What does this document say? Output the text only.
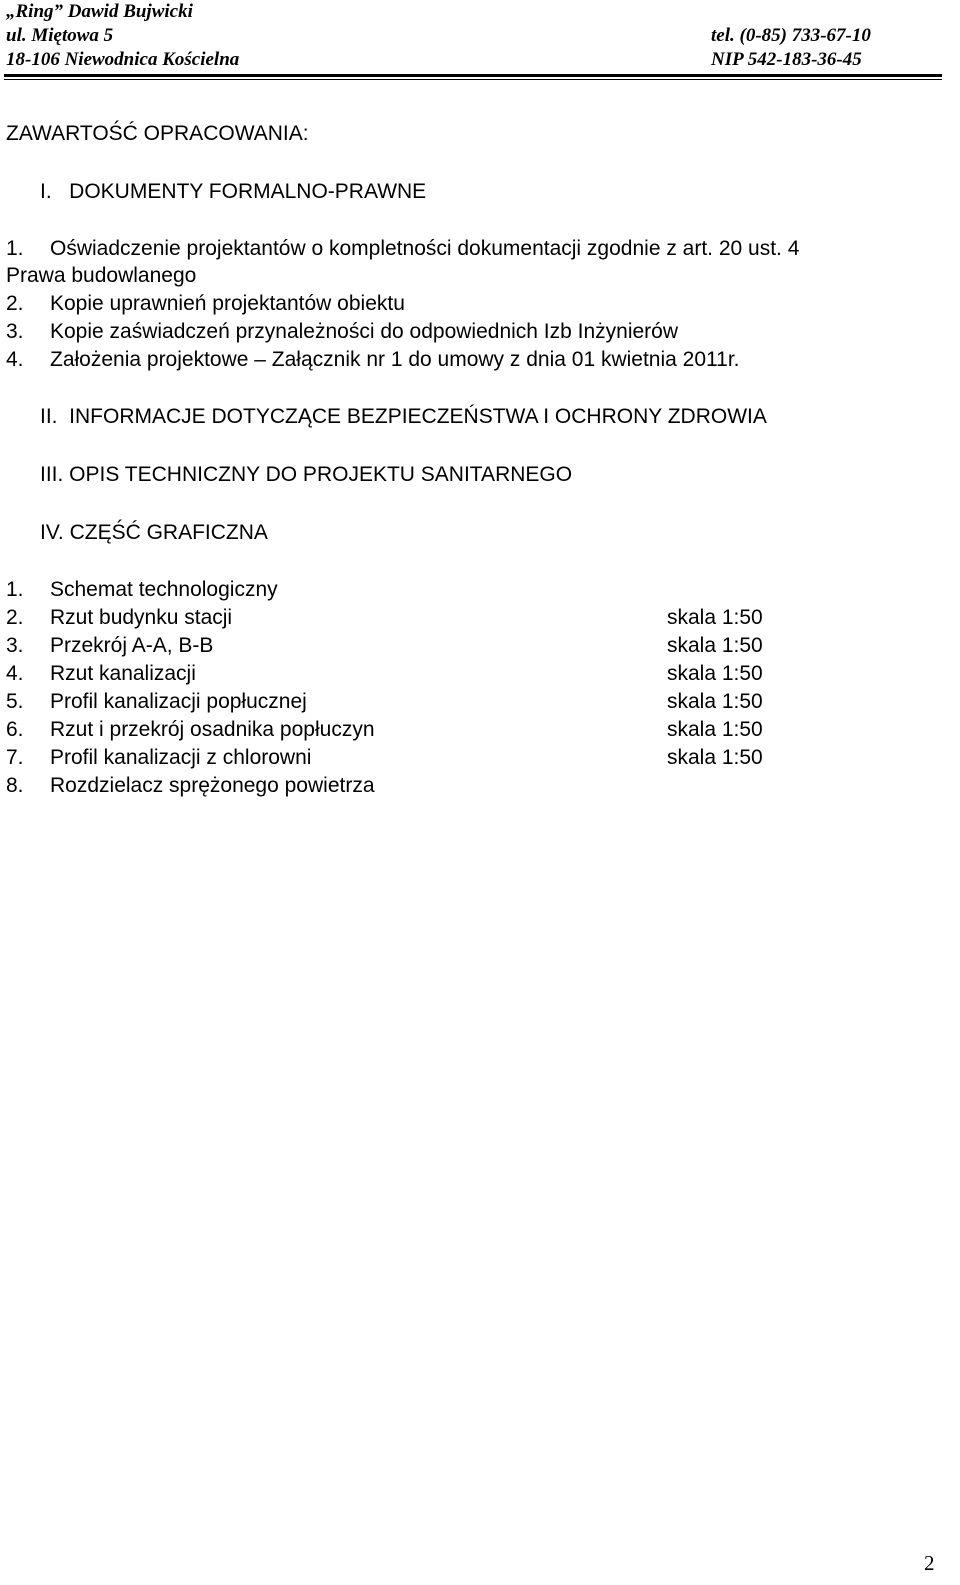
„Ring” Dawid Bujwicki
ul. Miętowa 5	tel. (0-85) 733-67-10
18-106 Niewodnica Kościelna	NIP 542-183-36-45
ZAWARTOŚĆ OPRACOWANIA:
I.   DOKUMENTY FORMALNO-PRAWNE
1. Oświadczenie projektantów o kompletności dokumentacji zgodnie z art. 20 ust. 4
Prawa budowlanego
2. Kopie uprawnień projektantów obiektu
3. Kopie zaświadczeń przynależności do odpowiednich Izb Inżynierów
4. Założenia projektowe – Załącznik nr 1 do umowy z dnia 01 kwietnia 2011r.
II.  INFORMACJE DOTYCZĄCE BEZPIECZEŃSTWA I OCHRONY ZDROWIA
III. OPIS TECHNICZNY DO PROJEKTU SANITARNEGO
IV. CZĘŚĆ GRAFICZNA
1. Schemat technologiczny
2. Rzut budynku stacji	skala 1:50
3. Przekrój A-A, B-B	skala 1:50
4. Rzut kanalizacji	skala 1:50
5. Profil kanalizacji popłucznej	skala 1:50
6. Rzut i przekrój osadnika popłuczyn	skala 1:50
7. Profil kanalizacji z chlorowni	skala 1:50
8. Rozdzielacz sprężonego powietrza
2
